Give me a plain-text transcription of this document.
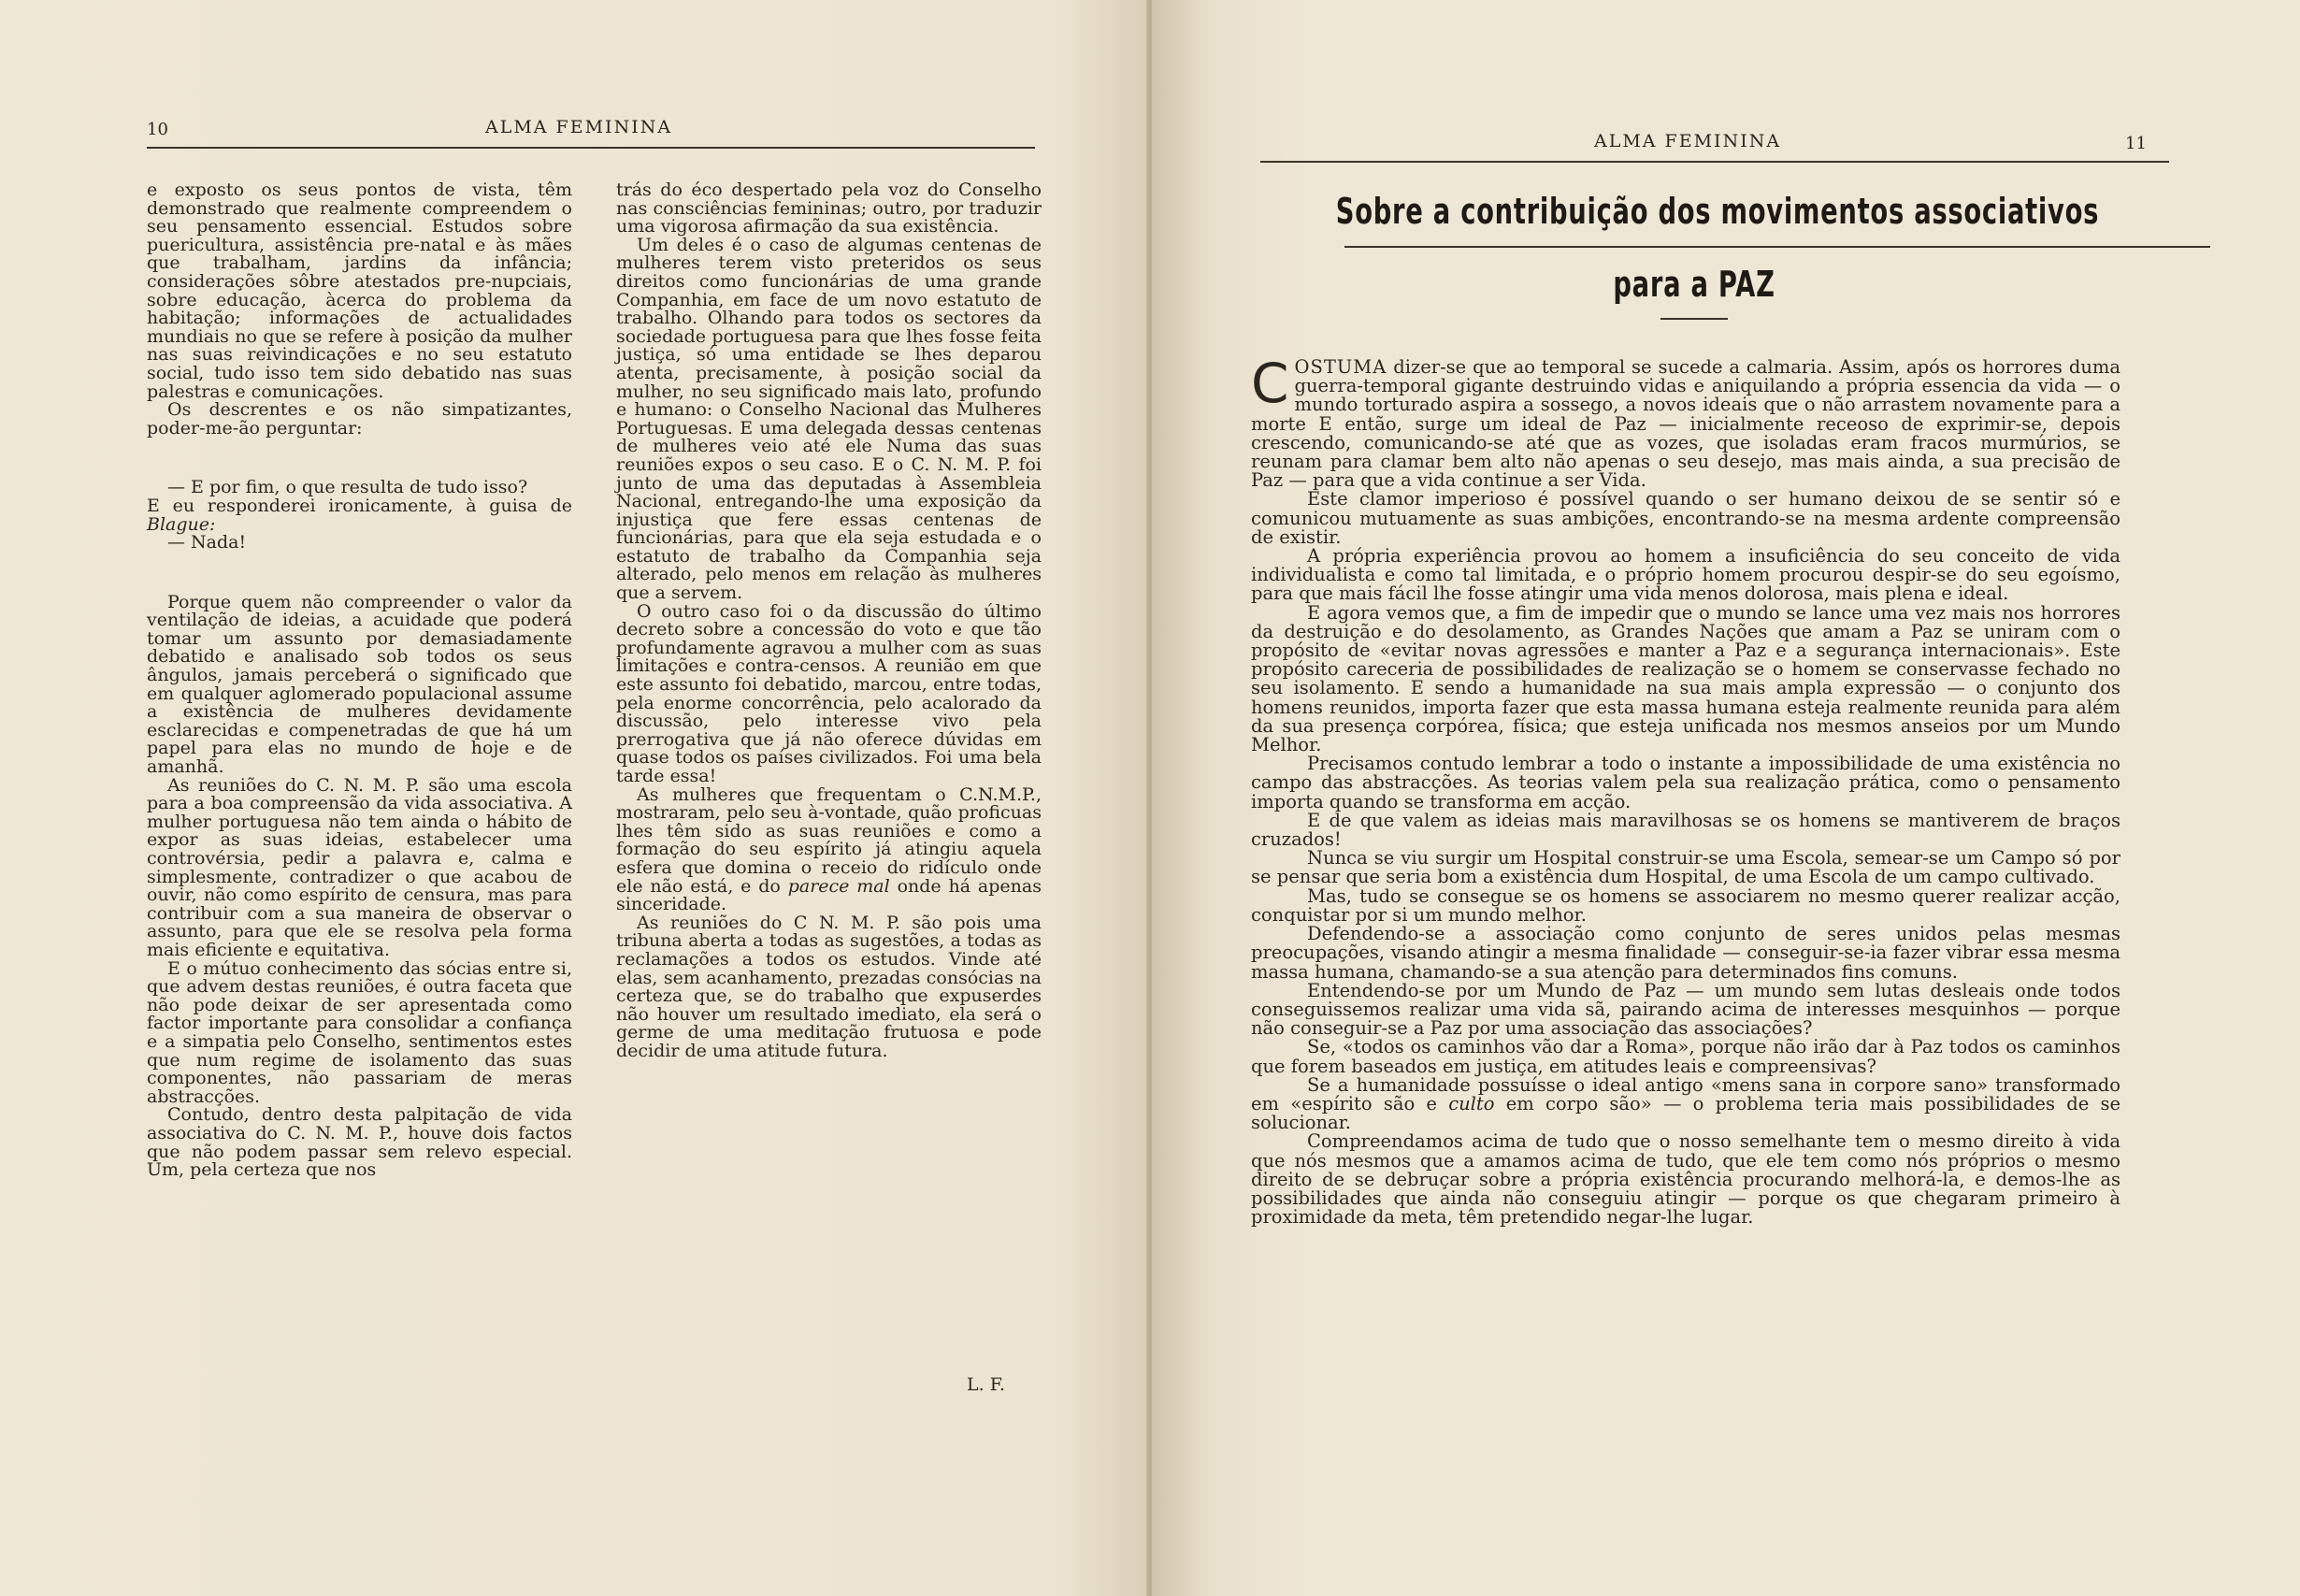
10	ALMA FEMININA

e exposto os seus pontos de vista, têm demonstrado que realmente compreendem o seu pensamento essencial. Estudos sobre puericultura, assistência pre-natal e às mães que trabalham, jardins da infância; considerações sôbre atestados pre-nupciais, sobre educação, àcerca do problema da habitação; informações de actualidades mundiais no que se refere à posição da mulher nas suas reivindicações e no seu estatuto social, tudo isso tem sido debatido nas suas palestras e comunicações.

Os descrentes e os não simpatizantes, poder-me-ão perguntar:

— E por fim, o que resulta de tudo isso?

E eu responderei ironicamente, à guisa de Blague:

— Nada!

Porque quem não compreender o valor da ventilação de ideias, a acuidade que poderá tomar um assunto por demasiadamente debatido e analisado sob todos os seus ângulos, jamais perceberá o significado que em qualquer aglomerado populacional assume a existência de mulheres devidamente esclarecidas e compenetradas de que há um papel para elas no mundo de hoje e de amanhã.

As reuniões do C. N. M. P. são uma escola para a boa compreensão da vida associativa. A mulher portuguesa não tem ainda o hábito de expor as suas ideias, estabelecer uma controvérsia, pedir a palavra e, calma e simplesmente, contradizer o que acabou de ouvir, não como espírito de censura, mas para contribuir com a sua maneira de observar o assunto, para que ele se resolva pela forma mais eficiente e equitativa.

E o mútuo conhecimento das sócias entre si, que advem destas reuniões, é outra faceta que não pode deixar de ser apresentada como factor importante para consolidar a confiança e a simpatia pelo Conselho, sentimentos estes que num regime de isolamento das suas componentes, não passariam de meras abstracções.

Contudo, dentro desta palpitação de vida associativa do C. N. M. P., houve dois factos que não podem passar sem relevo especial. Um, pela certeza que nos

trás do éco despertado pela voz do Conselho nas consciências femininas; outro, por traduzir uma vigorosa afirmação da sua existência.

Um deles é o caso de algumas centenas de mulheres terem visto preteridos os seus direitos como funcionárias de uma grande Companhia, em face de um novo estatuto de trabalho. Olhando para todos os sectores da sociedade portuguesa para que lhes fosse feita justiça, só uma entidade se lhes deparou atenta, precisamente, à posição social da mulher, no seu significado mais lato, profundo e humano: o Conselho Nacional das Mulheres Portuguesas. E uma delegada dessas centenas de mulheres veio até ele Numa das suas reuniões expos o seu caso. E o C. N. M. P. foi junto de uma das deputadas à Assembleia Nacional, entregando-lhe uma exposição da injustiça que fere essas centenas de funcionárias, para que ela seja estudada e o estatuto de trabalho da Companhia seja alterado, pelo menos em relação às mulheres que a servem.

O outro caso foi o da discussão do último decreto sobre a concessão do voto e que tão profundamente agravou a mulher com as suas limitações e contra-censos. A reunião em que este assunto foi debatido, marcou, entre todas, pela enorme concorrência, pelo acalorado da discussão, pelo interesse vivo pela prerrogativa que já não oferece dúvidas em quase todos os países civilizados. Foi uma bela tarde essa!

As mulheres que frequentam o C.N.M.P., mostraram, pelo seu à-vontade, quão proficuas lhes têm sido as suas reuniões e como a formação do seu espírito já atingiu aquela esfera que domina o receio do ridículo onde ele não está, e do parece mal onde há apenas sinceridade.

As reuniões do C N. M. P. são pois uma tribuna aberta a todas as sugestões, a todas as reclamações a todos os estudos. Vinde até elas, sem acanhamento, prezadas consócias na certeza que, se do trabalho que expuserdes não houver um resultado imediato, ela será o germe de uma meditação frutuosa e pode decidir de uma atitude futura.

L. F.
ALMA FEMININA	11
Sobre a contribuição dos movimentos associativos
para a PAZ

COSTUMA dizer-se que ao temporal se sucede a calmaria. Assim, após os horrores duma guerra-temporal gigante destruindo vidas e aniquilando a própria essencia da vida — o mundo torturado aspira a sossego, a novos ideais que o não arrastem novamente para a morte E então, surge um ideal de Paz — inicialmente receoso de exprimir-se, depois crescendo, comunicando-se até que as vozes, que isoladas eram fracos murmúrios, se reunam para clamar bem alto não apenas o seu desejo, mas mais ainda, a sua precisão de Paz — para que a vida continue a ser Vida.

Este clamor imperioso é possível quando o ser humano deixou de se sentir só e comunicou mutuamente as suas ambições, encontrando-se na mesma ardente compreensão de existir.

A própria experiência provou ao homem a insuficiência do seu conceito de vida individualista e como tal limitada, e o próprio homem procurou despir-se do seu egoísmo, para que mais fácil lhe fosse atingir uma vida menos dolorosa, mais plena e ideal.

E agora vemos que, a fim de impedir que o mundo se lance uma vez mais nos horrores da destruição e do desolamento, as Grandes Nações que amam a Paz se uniram com o propósito de «evitar novas agressões e manter a Paz e a segurança internacionais». Este propósito careceria de possibilidades de realização se o homem se conservasse fechado no seu isolamento. E sendo a humanidade na sua mais ampla expressão — o conjunto dos homens reunidos, importa fazer que esta massa humana esteja realmente reunida para além da sua presença corpórea, física; que esteja unificada nos mesmos anseios por um Mundo Melhor.

Precisamos contudo lembrar a todo o instante a impossibilidade de uma existência no campo das abstracções. As teorias valem pela sua realização prática, como o pensamento importa quando se transforma em acção.

E de que valem as ideias mais maravilhosas se os homens se mantiverem de braços cruzados!

Nunca se viu surgir um Hospital construir-se uma Escola, semear-se um Campo só por se pensar que seria bom a existência dum Hospital, de uma Escola de um campo cultivado.

Mas, tudo se consegue se os homens se associarem no mesmo querer realizar acção, conquistar por si um mundo melhor.

Defendendo-se a associação como conjunto de seres unidos pelas mesmas preocupações, visando atingir a mesma finalidade — conseguir-se-ia fazer vibrar essa mesma massa humana, chamando-se a sua atenção para determinados fins comuns.

Entendendo-se por um Mundo de Paz — um mundo sem lutas desleais onde todos conseguissemos realizar uma vida sã, pairando acima de interesses mesquinhos — porque não conseguir-se a Paz por uma associação das associações?

Se, «todos os caminhos vão dar a Roma», porque não irão dar à Paz todos os caminhos que forem baseados em justiça, em atitudes leais e compreensivas?

Se a humanidade possuísse o ideal antigo «mens sana in corpore sano» transformado em «espírito são e culto em corpo são» — o problema teria mais possibilidades de se solucionar.

Compreendamos acima de tudo que o nosso semelhante tem o mesmo direito à vida que nós mesmos que a amamos acima de tudo, que ele tem como nós próprios o mesmo direito de se debruçar sobre a própria existência procurando melhorá-la, e demos-lhe as possibilidades que ainda não conseguiu atingir — porque os que chegaram primeiro à proximidade da meta, têm pretendido negar-lhe lugar.
